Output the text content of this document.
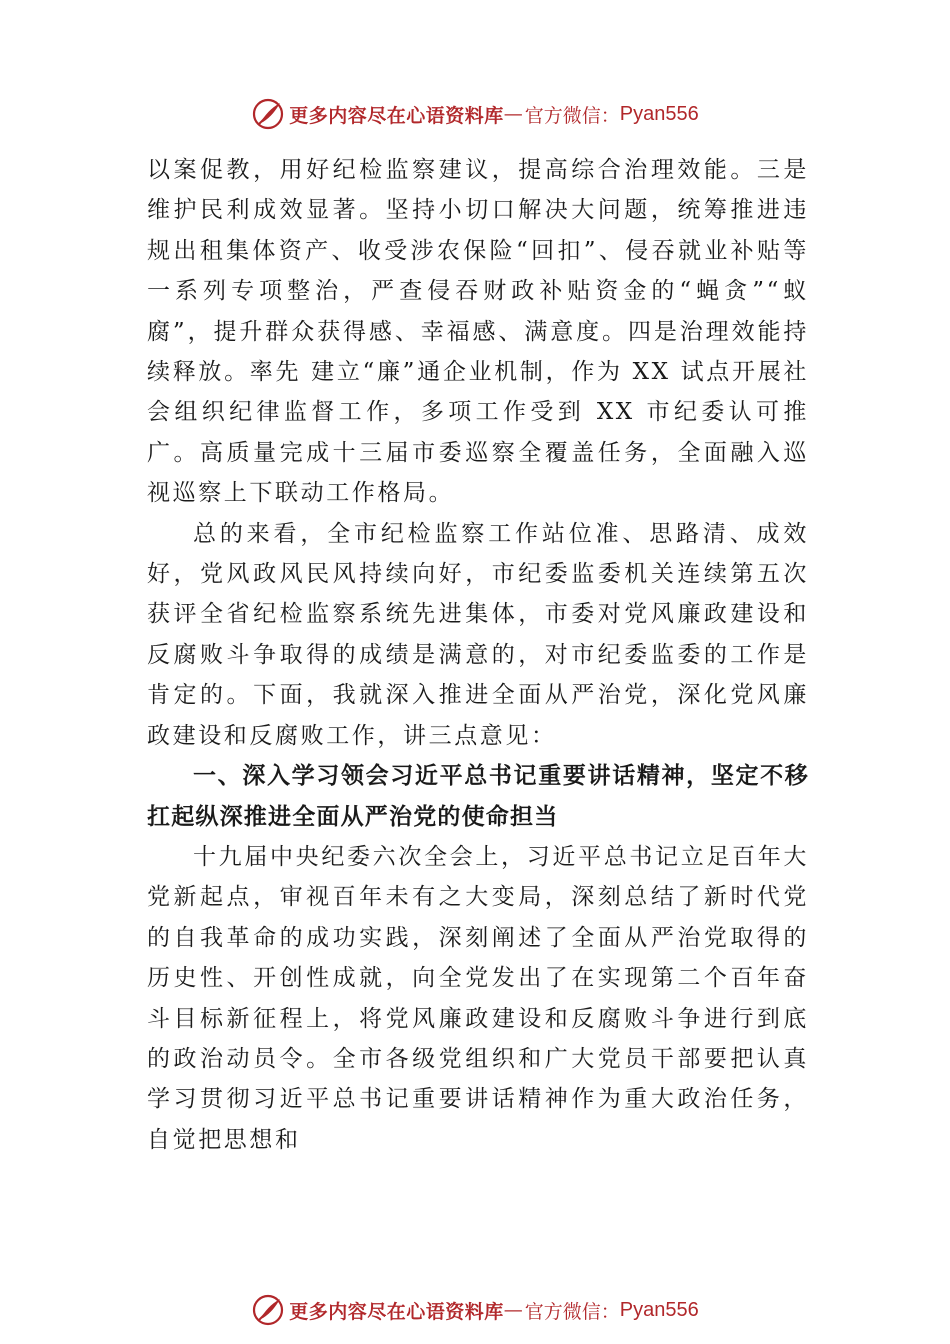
更多内容尽在心语资料库 — 官方微信： Pyan556

以案促教，用好纪检监察建议，提高综合治理效能。三是维护民利成效显著。坚持小切口解决大问题，统筹推进违规出租集体资产、收受涉农保险“回扣”、侵吞就业补贴等一系列专项整治，严查侵吞财政补贴资金的“蝇贪”“蚁腐”，提升群众获得感、幸福感、满意度。四是治理效能持续释放。率先 建立“廉”通企业机制，作为 XX 试点开展社会组织纪律监督工作，多项工作受到 XX 市纪委认可推广。高质量完成十三届市委巡察全覆盖任务，全面融入巡视巡察上下联动工作格局。

总的来看，全市纪检监察工作站位准、思路清、成效好，党风政风民风持续向好，市纪委监委机关连续第五次获评全省纪检监察系统先进集体，市委对党风廉政建设和反腐败斗争取得的成绩是满意的，对市纪委监委的工作是肯定的。下面，我就深入推进全面从严治党，深化党风廉政建设和反腐败工作，讲三点意见：

一、深入学习领会习近平总书记重要讲话精神，坚定不移扛起纵深推进全面从严治党的使命担当

十九届中央纪委六次全会上，习近平总书记立足百年大党新起点，审视百年未有之大变局，深刻总结了新时代党的自我革命的成功实践，深刻阐述了全面从严治党取得的历史性、开创性成就，向全党发出了在实现第二个百年奋斗目标新征程上，将党风廉政建设和反腐败斗争进行到底的政治动员令。全市各级党组织和广大党员干部要把认真学习贯彻习近平总书记重要讲话精神作为重大政治任务，自觉把思想和

更多内容尽在心语资料库 — 官方微信： Pyan556
